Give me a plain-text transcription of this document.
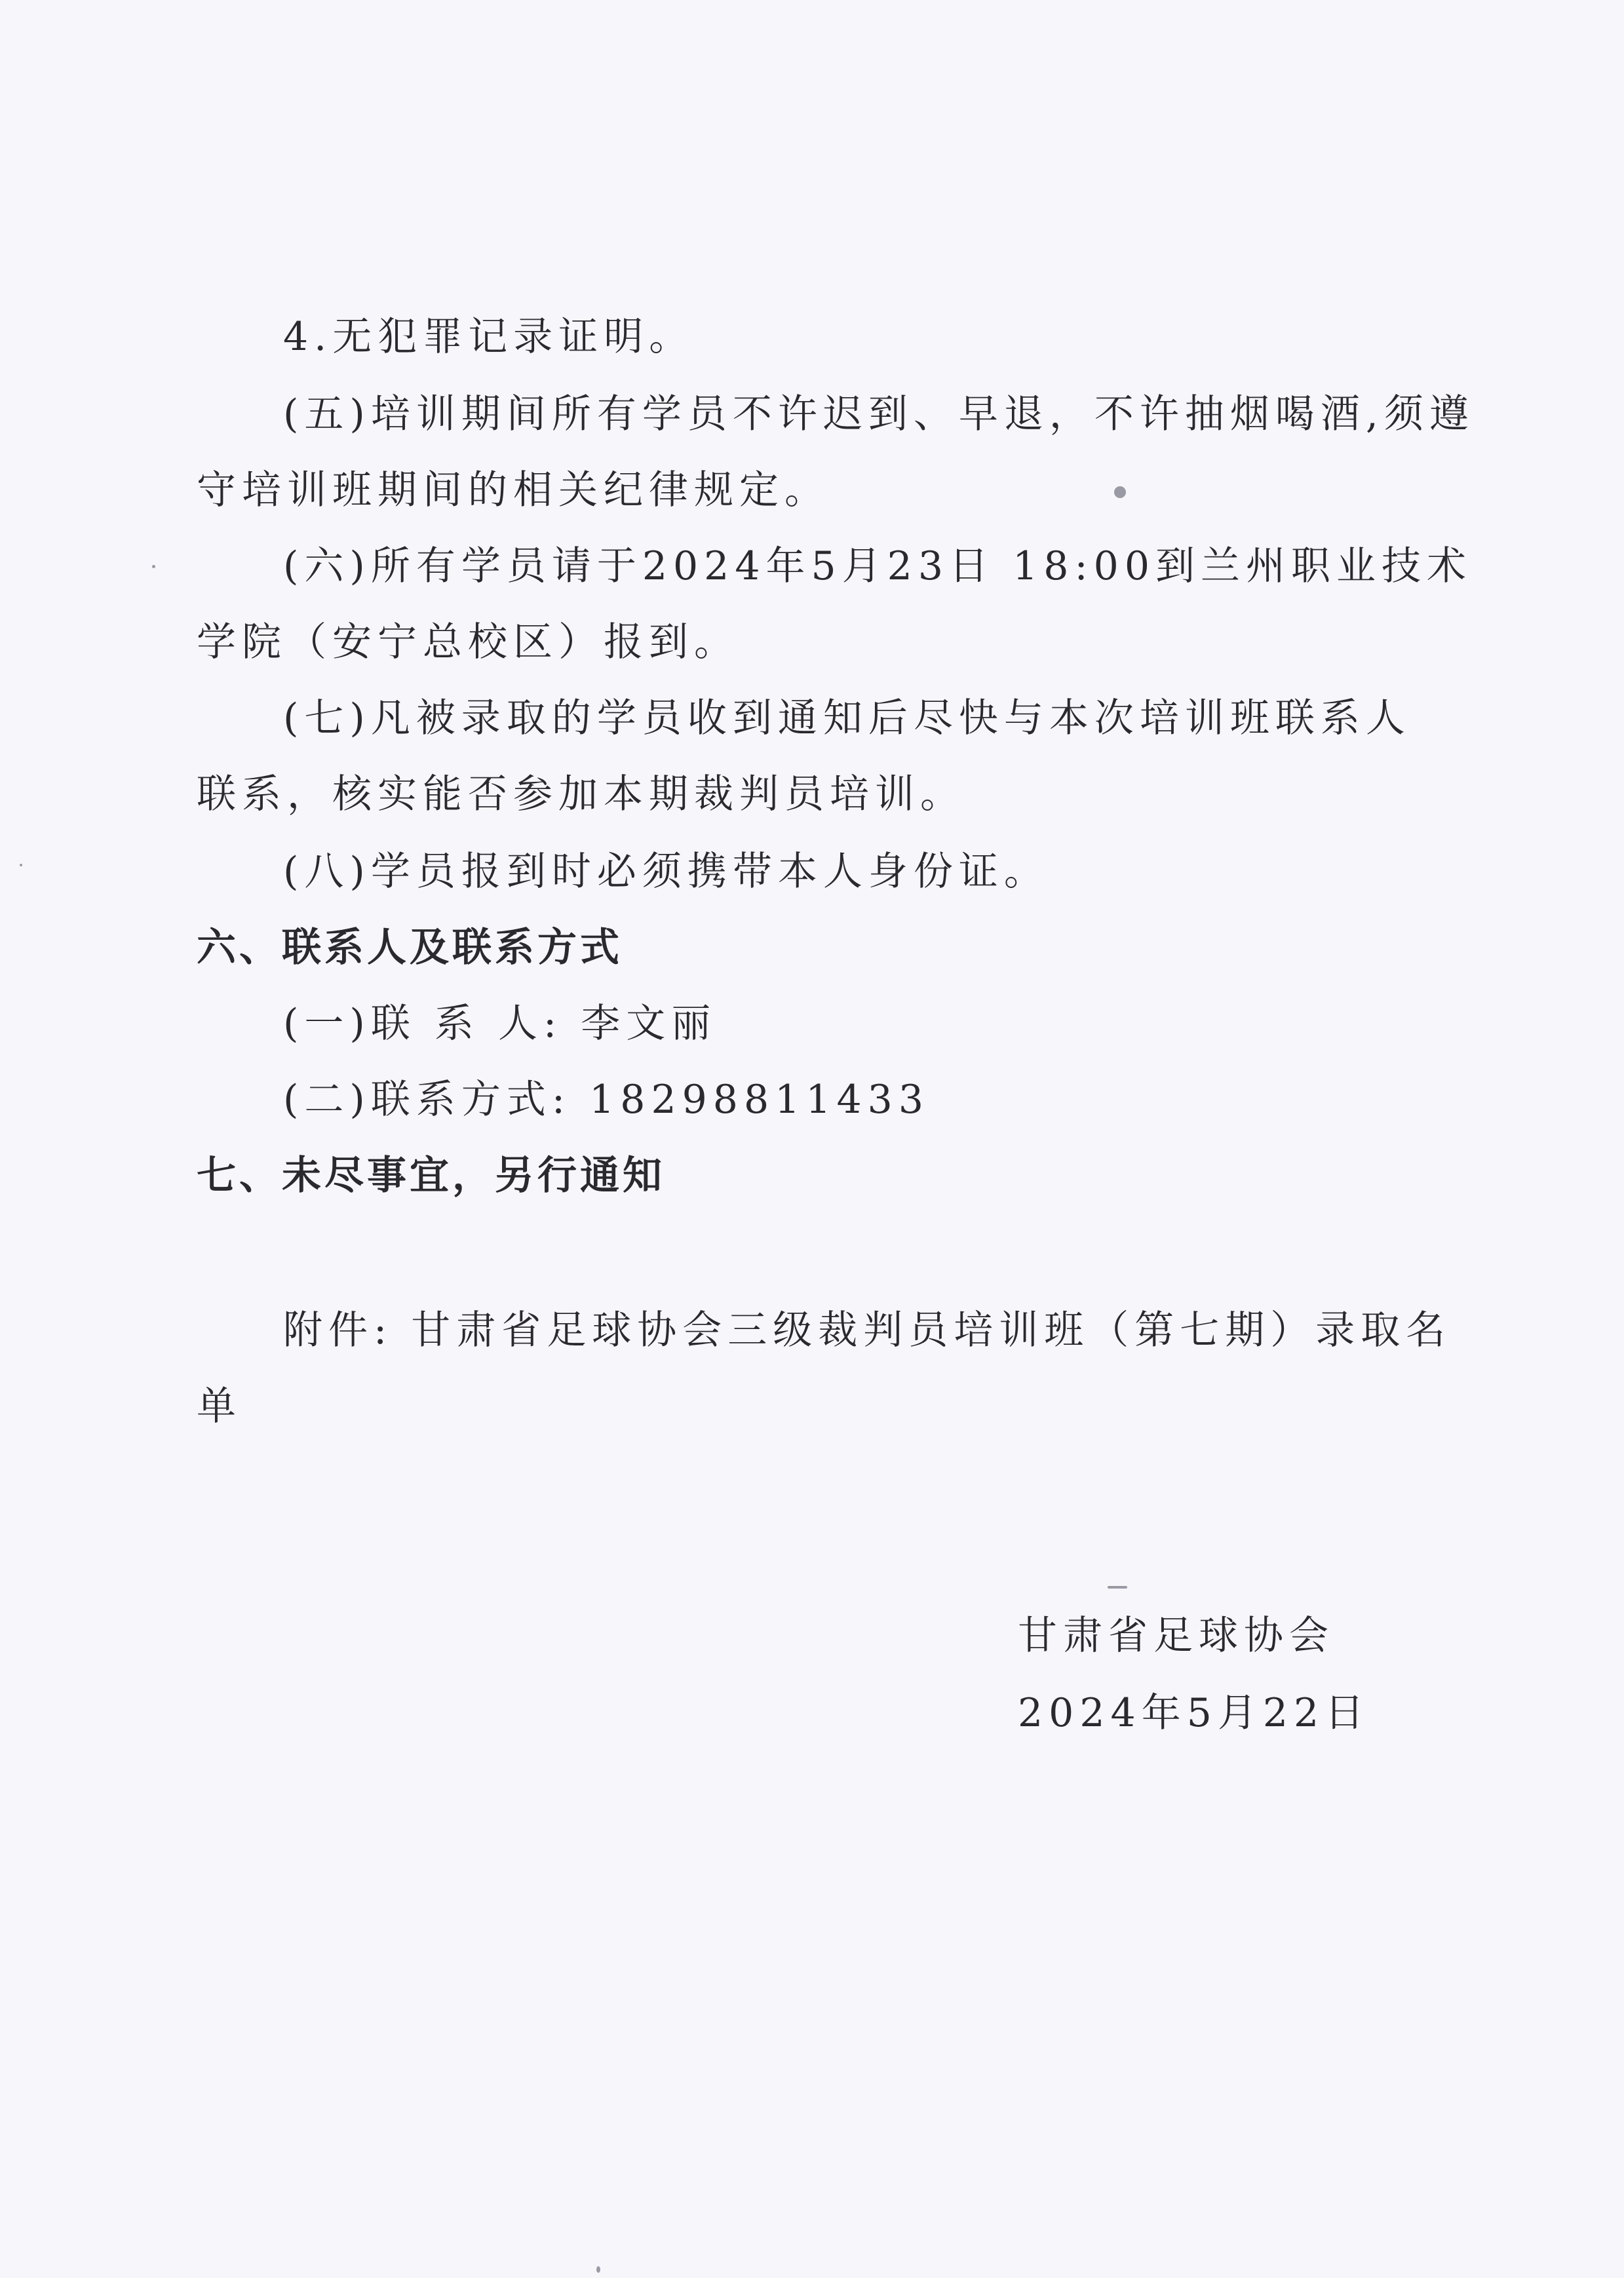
4.无犯罪记录证明。
(五)培训期间所有学员不许迟到、早退，不许抽烟喝酒,须遵
守培训班期间的相关纪律规定。
(六)所有学员请于2024年5月23日 18:00到兰州职业技术
学院（安宁总校区）报到。
(七)凡被录取的学员收到通知后尽快与本次培训班联系人
联系，核实能否参加本期裁判员培训。
(八)学员报到时必须携带本人身份证。
六、联系人及联系方式
(一)联 系 人: 李文丽
(二)联系方式: 18298811433
七、未尽事宜，另行通知
附件: 甘肃省足球协会三级裁判员培训班（第七期）录取名
单
甘肃省足球协会
2024年5月22日
